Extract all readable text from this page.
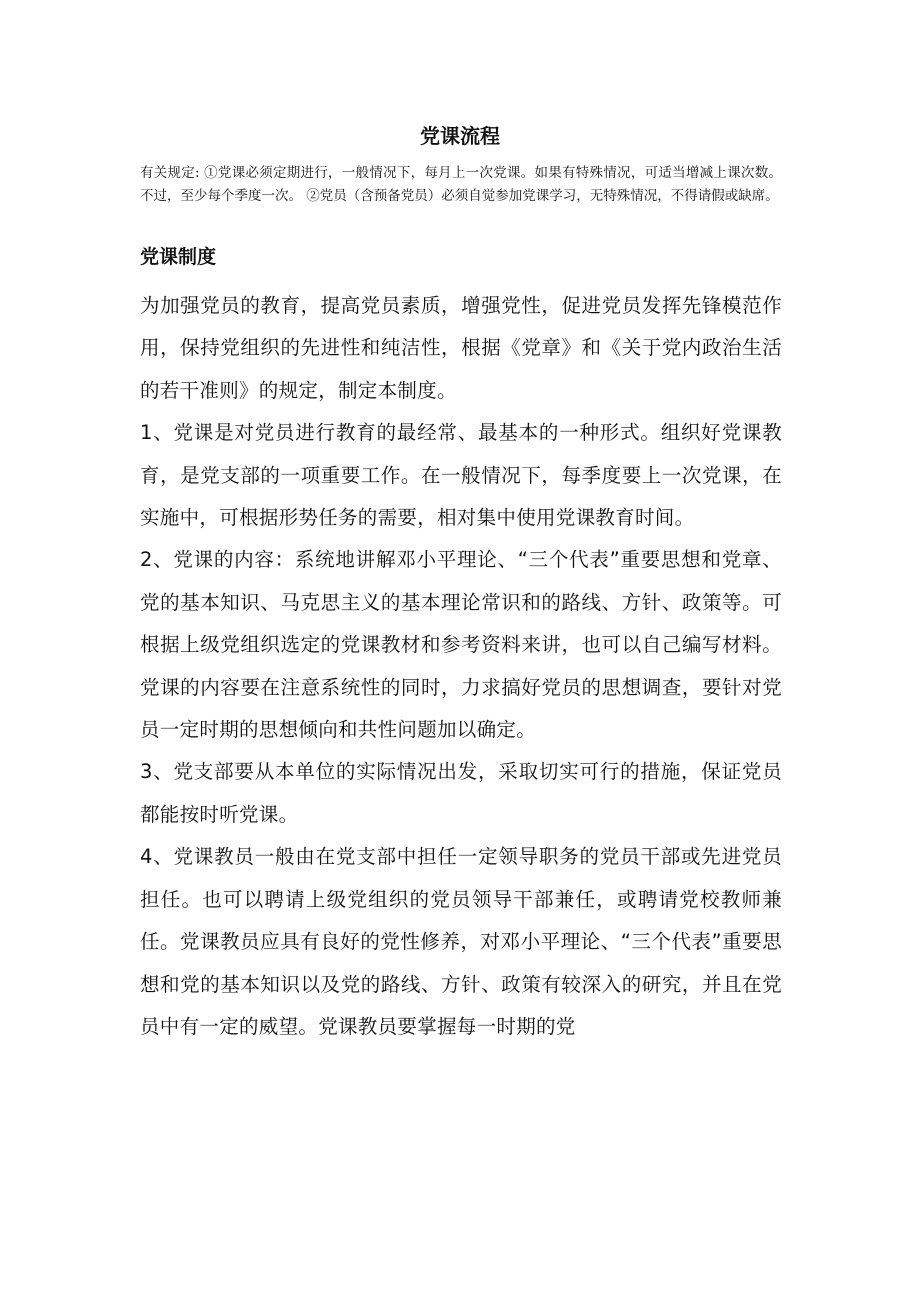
党课流程

有关规定: ①党课必须定期进行，一般情况下，每月上一次党课。如果有特殊情况，可适当增减上课次数。不过，至少每个季度一次。 ②党员（含预备党员）必须自觉参加党课学习，无特殊情况，不得请假或缺席。

党课制度

为加强党员的教育，提高党员素质，增强党性，促进党员发挥先锋模范作用，保持党组织的先进性和纯洁性，根据《党章》和《关于党内政治生活的若干准则》的规定，制定本制度。

1、党课是对党员进行教育的最经常、最基本的一种形式。组织好党课教育，是党支部的一项重要工作。在一般情况下，每季度要上一次党课，在实施中，可根据形势任务的需要，相对集中使用党课教育时间。

2、党课的内容：系统地讲解邓小平理论、“三个代表”重要思想和党章、党的基本知识、马克思主义的基本理论常识和的路线、方针、政策等。可根据上级党组织选定的党课教材和参考资料来讲，也可以自己编写材料。党课的内容要在注意系统性的同时，力求搞好党员的思想调查，要针对党员一定时期的思想倾向和共性问题加以确定。

3、党支部要从本单位的实际情况出发，采取切实可行的措施，保证党员都能按时听党课。

4、党课教员一般由在党支部中担任一定领导职务的党员干部或先进党员担任。也可以聘请上级党组织的党员领导干部兼任，或聘请党校教师兼任。党课教员应具有良好的党性修养，对邓小平理论、“三个代表”重要思想和党的基本知识以及党的路线、方针、政策有较深入的研究，并且在党员中有一定的威望。党课教员要掌握每一时期的党
